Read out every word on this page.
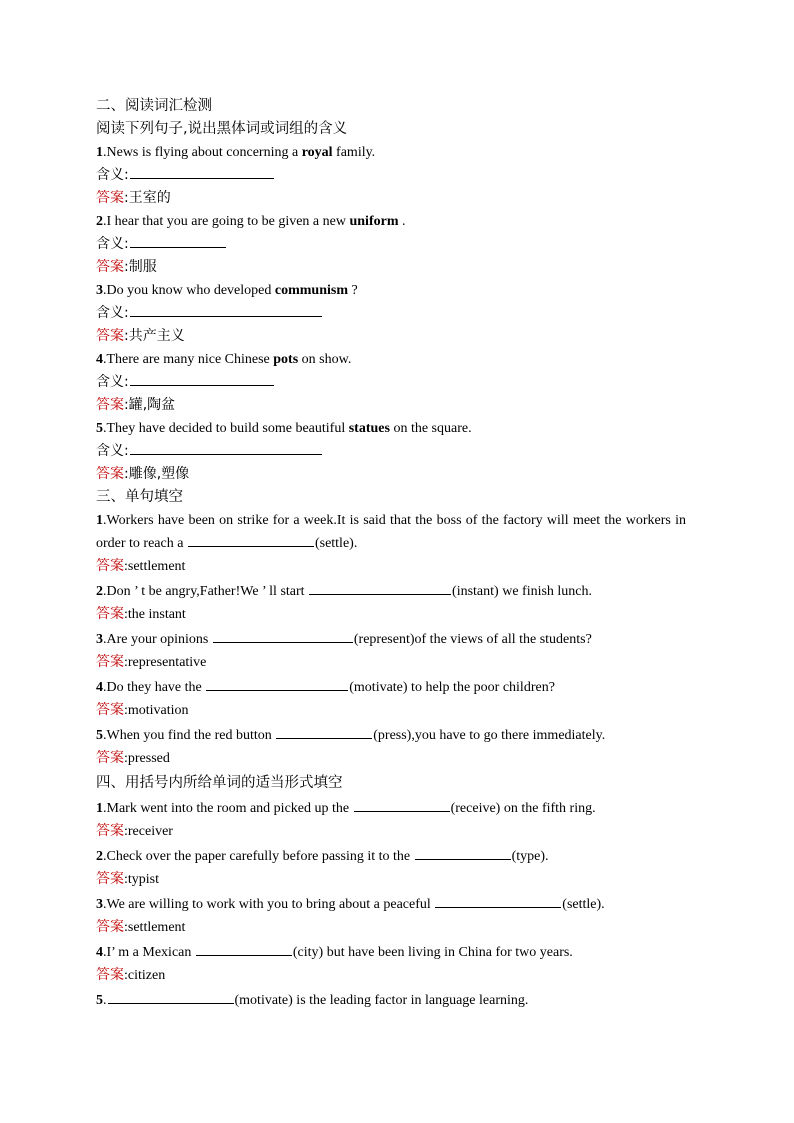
二、阅读词汇检测
阅读下列句子,说出黑体词或词组的含义
1.News is flying about concerning a royal family.
含义:
答案:王室的
2.I hear that you are going to be given a new uniform .
含义:
答案:制服
3.Do you know who developed communism ?
含义:
答案:共产主义
4.There are many nice Chinese pots on show.
含义:
答案:罐,陶盆
5.They have decided to build some beautiful statues on the square.
含义:
答案:雕像,塑像
三、单句填空
1.Workers have been on strike for a week.It is said that the boss of the factory will meet the workers in order to reach a	(settle).
答案:settlement
2.Don ’ t be angry,Father!We ’ ll start	(instant) we finish lunch.
答案:the instant
3.Are your opinions	(represent)of the views of all the students?
答案:representative
4.Do they have the	(motivate) to help the poor children?
答案:motivation
5.When you find the red button	(press),you have to go there immediately.
答案:pressed
四、用括号内所给单词的适当形式填空
1.Mark went into the room and picked up the	(receive) on the fifth ring.
答案:receiver
2.Check over the paper carefully before passing it to the	(type).
答案:typist
3.We are willing to work with you to bring about a peaceful	(settle).
答案:settlement
4.I’ m a Mexican	(city) but have been living in China for two years.
答案:citizen
5.	(motivate) is the leading factor in language learning.
